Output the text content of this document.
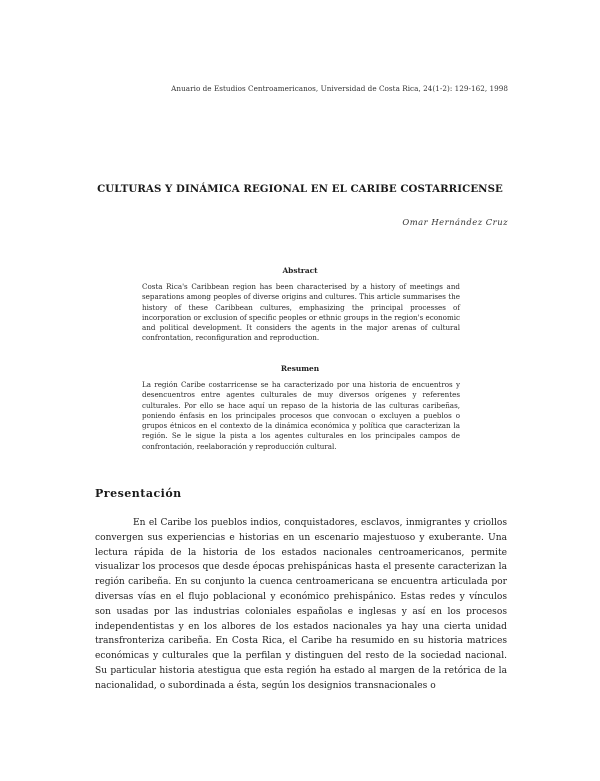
Anuario de Estudios Centroamericanos, Universidad de Costa Rica, 24(1-2): 129-162, 1998
CULTURAS Y DINÁMICA REGIONAL EN EL CARIBE COSTARRICENSE
Omar Hernández Cruz
Abstract

Costa Rica's Caribbean region has been characterised by a history of meetings and separations among peoples of diverse origins and cultures. This article summarises the history of these Caribbean cultures, emphasizing the principal processes of incorporation or exclusion of specific peoples or ethnic groups in the region's economic and political development. It considers the agents in the major arenas of cultural confrontation, reconfiguration and reproduction.

Resumen

La región Caribe costarricense se ha caracterizado por una historia de encuentros y desencuentros entre agentes culturales de muy diversos orígenes y referentes culturales. Por ello se hace aquí un repaso de la historia de las culturas caribeñas, poniendo énfasis en los principales procesos que convocan o excluyen a pueblos o grupos étnicos en el contexto de la dinámica económica y política que caracterizan la región. Se le sigue la pista a los agentes culturales en los principales campos de confrontación, reelaboración y reproducción cultural.

Presentación

En el Caribe los pueblos indios, conquistadores, esclavos, inmigrantes y criollos convergen sus experiencias e historias en un escenario majestuoso y exuberante. Una lectura rápida de la historia de los estados nacionales centroamericanos, permite visualizar los procesos que desde épocas prehispánicas hasta el presente caracterizan la región caribeña. En su conjunto la cuenca centroamericana se encuentra articulada por diversas vías en el flujo poblacional y económico prehispánico. Estas redes y vínculos son usadas por las industrias coloniales españolas e inglesas y así en los procesos independentistas y en los albores de los estados nacionales ya hay una cierta unidad transfronteriza caribeña. En Costa Rica, el Caribe ha resumido en su historia matrices económicas y culturales que la perfilan y distinguen del resto de la sociedad nacional. Su particular historia atestigua que esta región ha estado al margen de la retórica de la nacionalidad, o subordinada a ésta, según los designios transnacionales o
